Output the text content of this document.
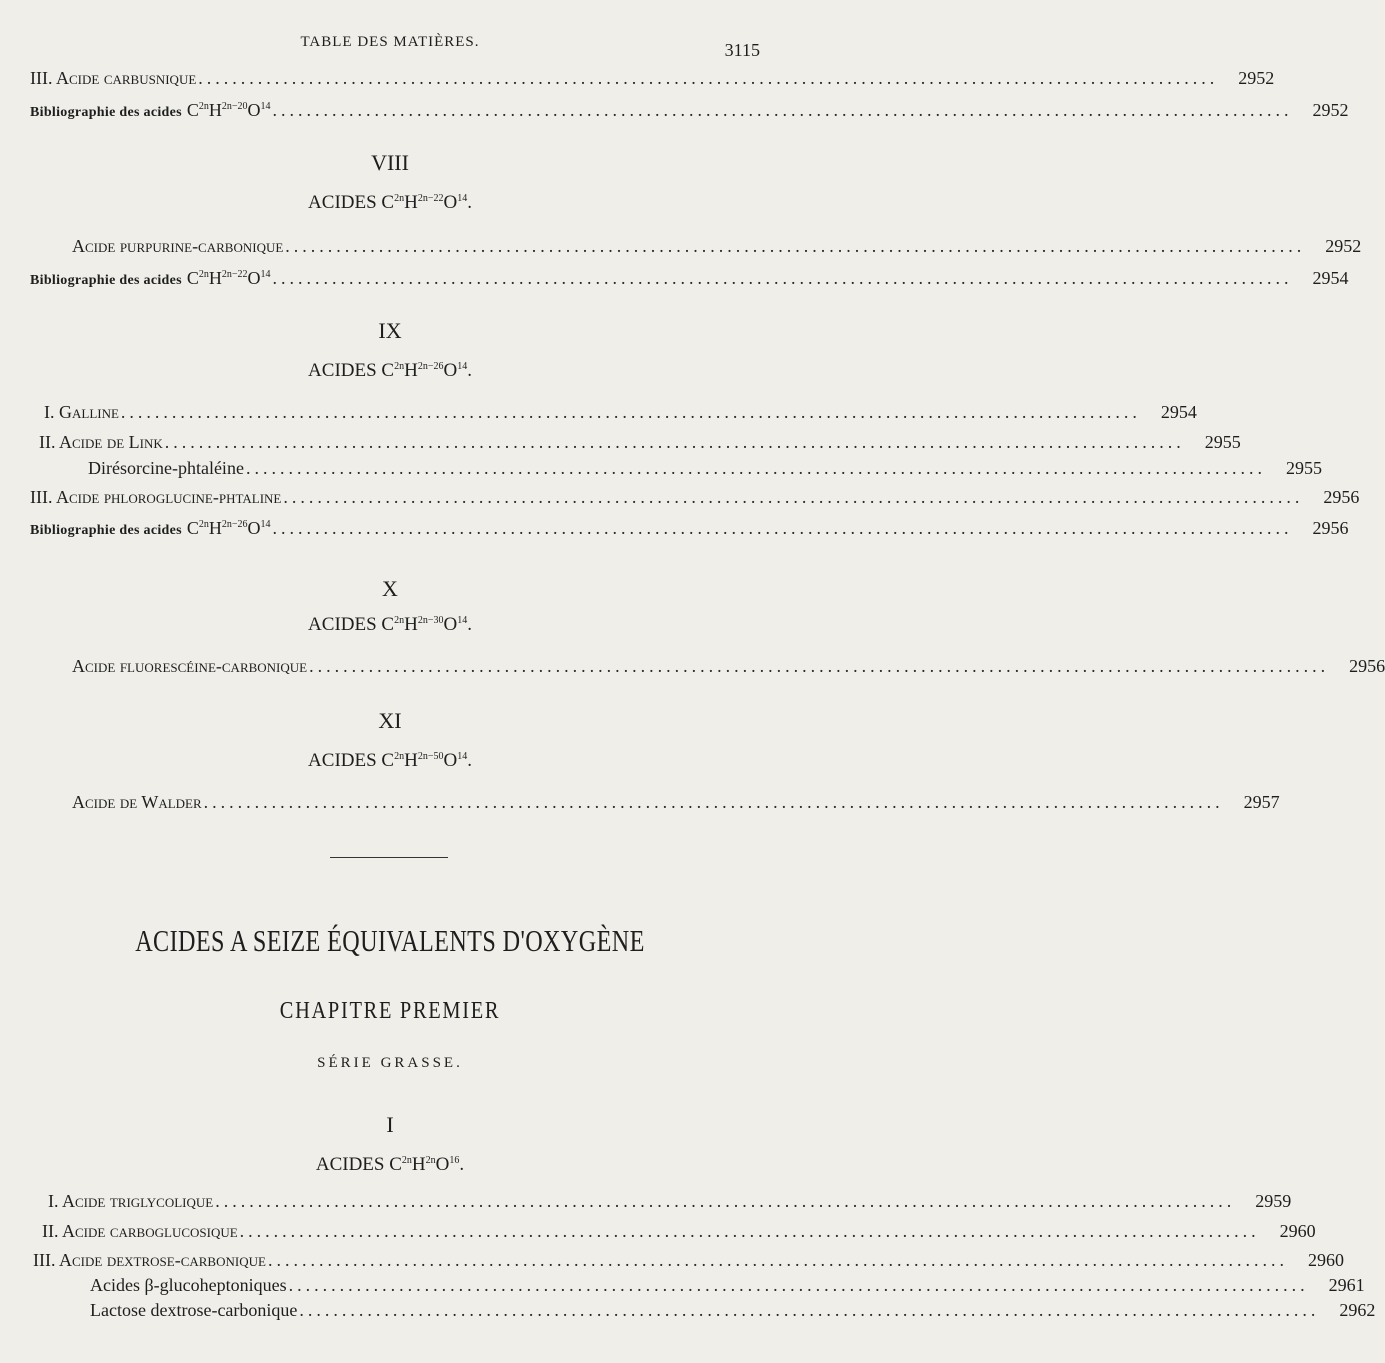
TABLE DES MATIÈRES.	3115
III. Acide carbusnique ........................................................................................................................	2952
Bibliographie des acides $C^{2n}H^{2n-20}O^{14}$ ........................................................................................................................	2952
VIII
ACIDES $C^{2n}H^{2n-22}O^{14}$.
Acide purpurine-carbonique ........................................................................................................................	2952
Bibliographie des acides $C^{2n}H^{2n-22}O^{14}$ ........................................................................................................................	2954
IX
ACIDES $C^{2n}H^{2n-26}O^{14}$.
I. Galline ........................................................................................................................	2954
II. Acide de Link ........................................................................................................................	2955
Dirésorcine-phtaléine ........................................................................................................................	2955
III. Acide phloroglucine-phtaline ........................................................................................................................	2956
Bibliographie des acides $C^{2n}H^{2n-26}O^{14}$ ........................................................................................................................	2956
X
ACIDES $C^{2n}H^{2n-30}O^{14}$.
Acide fluorescéine-carbonique ........................................................................................................................	2956
XI
ACIDES $C^{2n}H^{2n-50}O^{14}$.
Acide de Walder ........................................................................................................................	2957
ACIDES A SEIZE ÉQUIVALENTS D'OXYGÈNE
CHAPITRE PREMIER
SÉRIE GRASSE.
I
ACIDES $C^{2n}H^{2n}O^{16}$.
I. Acide triglycolique ........................................................................................................................	2959
II. Acide carboglucosique ........................................................................................................................	2960
III. Acide dextrose-carbonique ........................................................................................................................	2960
Acides β-glucoheptoniques ........................................................................................................................	2961
Lactose dextrose-carbonique ........................................................................................................................	2962
